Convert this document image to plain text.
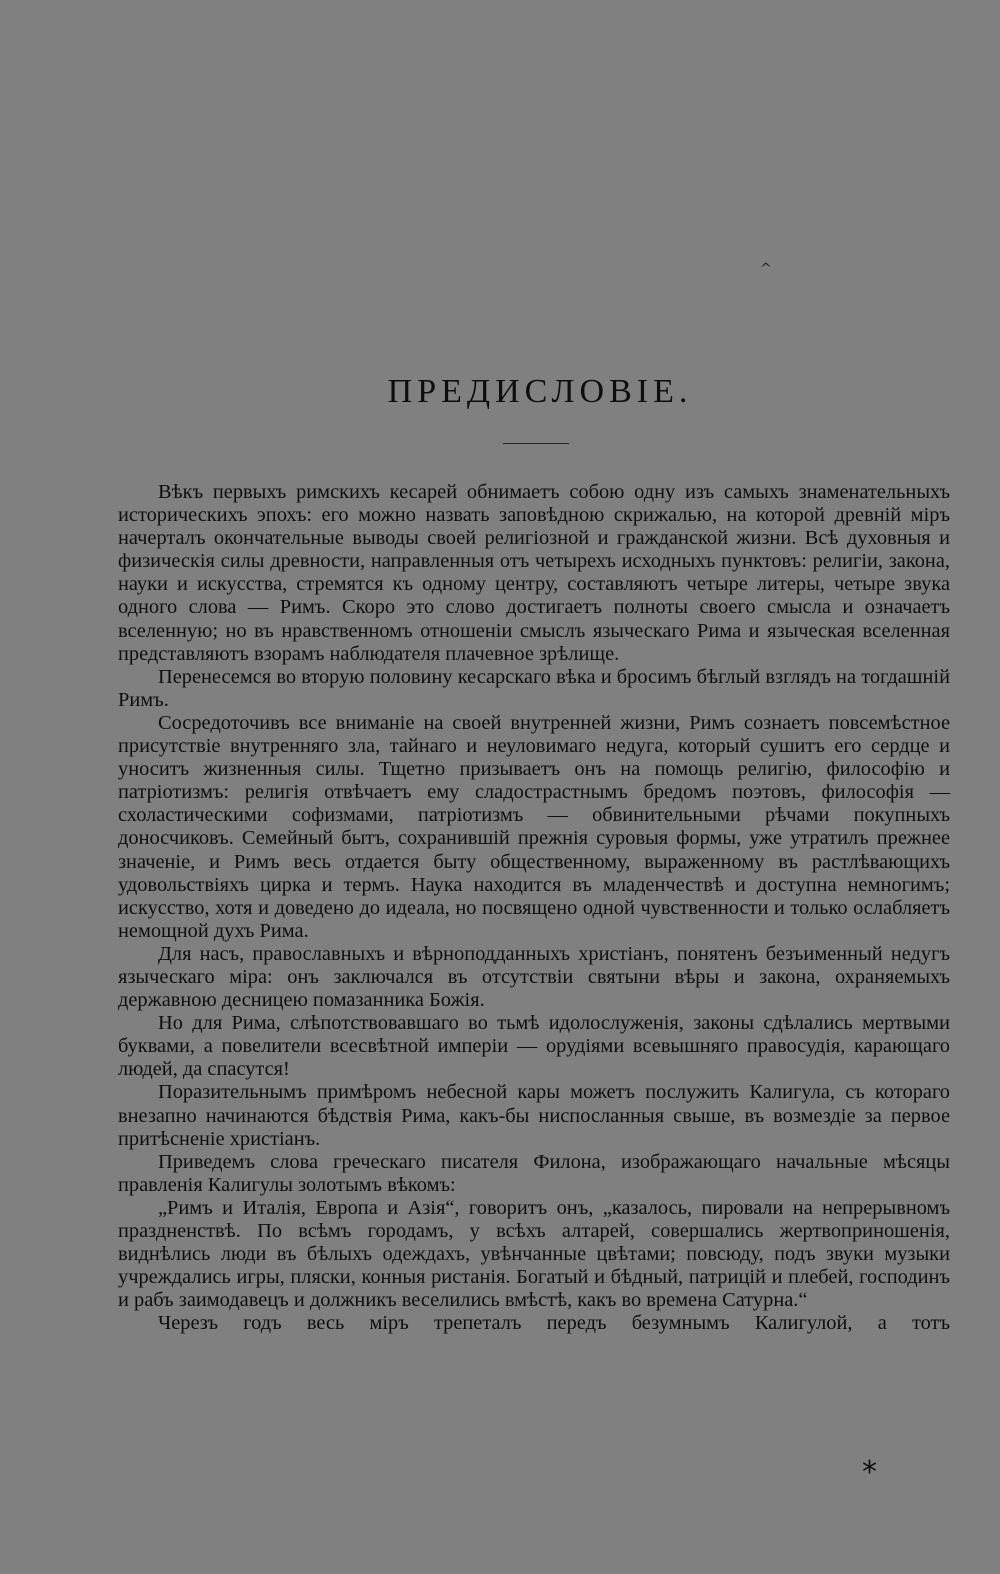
^
ПРЕДИСЛОВІЕ.

Вѣкъ первыхъ римскихъ кесарей обнимаетъ собою одну изъ самыхъ знаменательныхъ историческихъ эпохъ: его можно назвать заповѣдною скрижалью, на которой древній міръ начерталъ окончательные выводы своей религіозной и гражданской жизни. Всѣ духовныя и физическія силы древности, направленныя отъ четырехъ исходныхъ пунктовъ: религіи, закона, науки и искусства, стремятся къ одному центру, составляютъ четыре литеры, четыре звука одного слова — Римъ. Скоро это слово достигаетъ полноты своего смысла и означаетъ вселенную; но въ нравственномъ отношеніи смыслъ языческаго Рима и языческая вселенная представляютъ взорамъ наблюдателя плачевное зрѣлище.

Перенесемся во вторую половину кесарскаго вѣка и бросимъ бѣглый взглядъ на тогдашній Римъ.

Сосредоточивъ все вниманіе на своей внутренней жизни, Римъ сознаетъ повсемѣстное присутствіе внутренняго зла, тайнаго и неуловимаго недуга, который сушитъ его сердце и уноситъ жизненныя силы. Тщетно призываетъ онъ на помощь религію, философію и патріотизмъ: религія отвѣчаетъ ему сладострастнымъ бредомъ поэтовъ, философія — схоластическими софизмами, патріотизмъ — обвинительными рѣчами покупныхъ доносчиковъ. Семейный бытъ, сохранившій прежнія суровыя формы, уже утратилъ прежнее значеніе, и Римъ весь отдается быту общественному, выраженному въ растлѣвающихъ удовольствіяхъ цирка и термъ. Наука находится въ младенчествѣ и доступна немногимъ; искусство, хотя и доведено до идеала, но посвящено одной чувственности и только ослабляетъ немощной духъ Рима.

Для насъ, православныхъ и вѣрноподданныхъ христіанъ, понятенъ безъименный недугъ языческаго міра: онъ заключался въ отсутствіи святыни вѣры и закона, охраняемыхъ державною десницею помазанника Божія.

Но для Рима, слѣпотствовавшаго во тьмѣ идолослуженія, законы сдѣлались мертвыми буквами, а повелители всесвѣтной имперіи — орудіями всевышняго правосудія, карающаго людей, да спасутся!

Поразительнымъ примѣромъ небесной кары можетъ послужить Калигула, съ котораго внезапно начинаются бѣдствія Рима, какъ-бы ниспосланныя свыше, въ возмездіе за первое притѣсненіе христіанъ.

Приведемъ слова греческаго писателя Филона, изображающаго начальные мѣсяцы правленія Калигулы золотымъ вѣкомъ:

„Римъ и Италія, Европа и Азія“, говоритъ онъ, „казалось, пировали на непрерывномъ праздненствѣ. По всѣмъ городамъ, у всѣхъ алтарей, совершались жертвоприношенія, виднѣлись люди въ бѣлыхъ одеждахъ, увѣнчанные цвѣтами; повсюду, подъ звуки музыки учреждались игры, пляски, конныя ристанія. Богатый и бѣдный, патрицій и плебей, господинъ и рабъ заимодавецъ и должникъ веселились вмѣстѣ, какъ во времена Сатурна.“

Черезъ годъ весь міръ трепеталъ передъ безумнымъ Калигулой, а тотъ

*
